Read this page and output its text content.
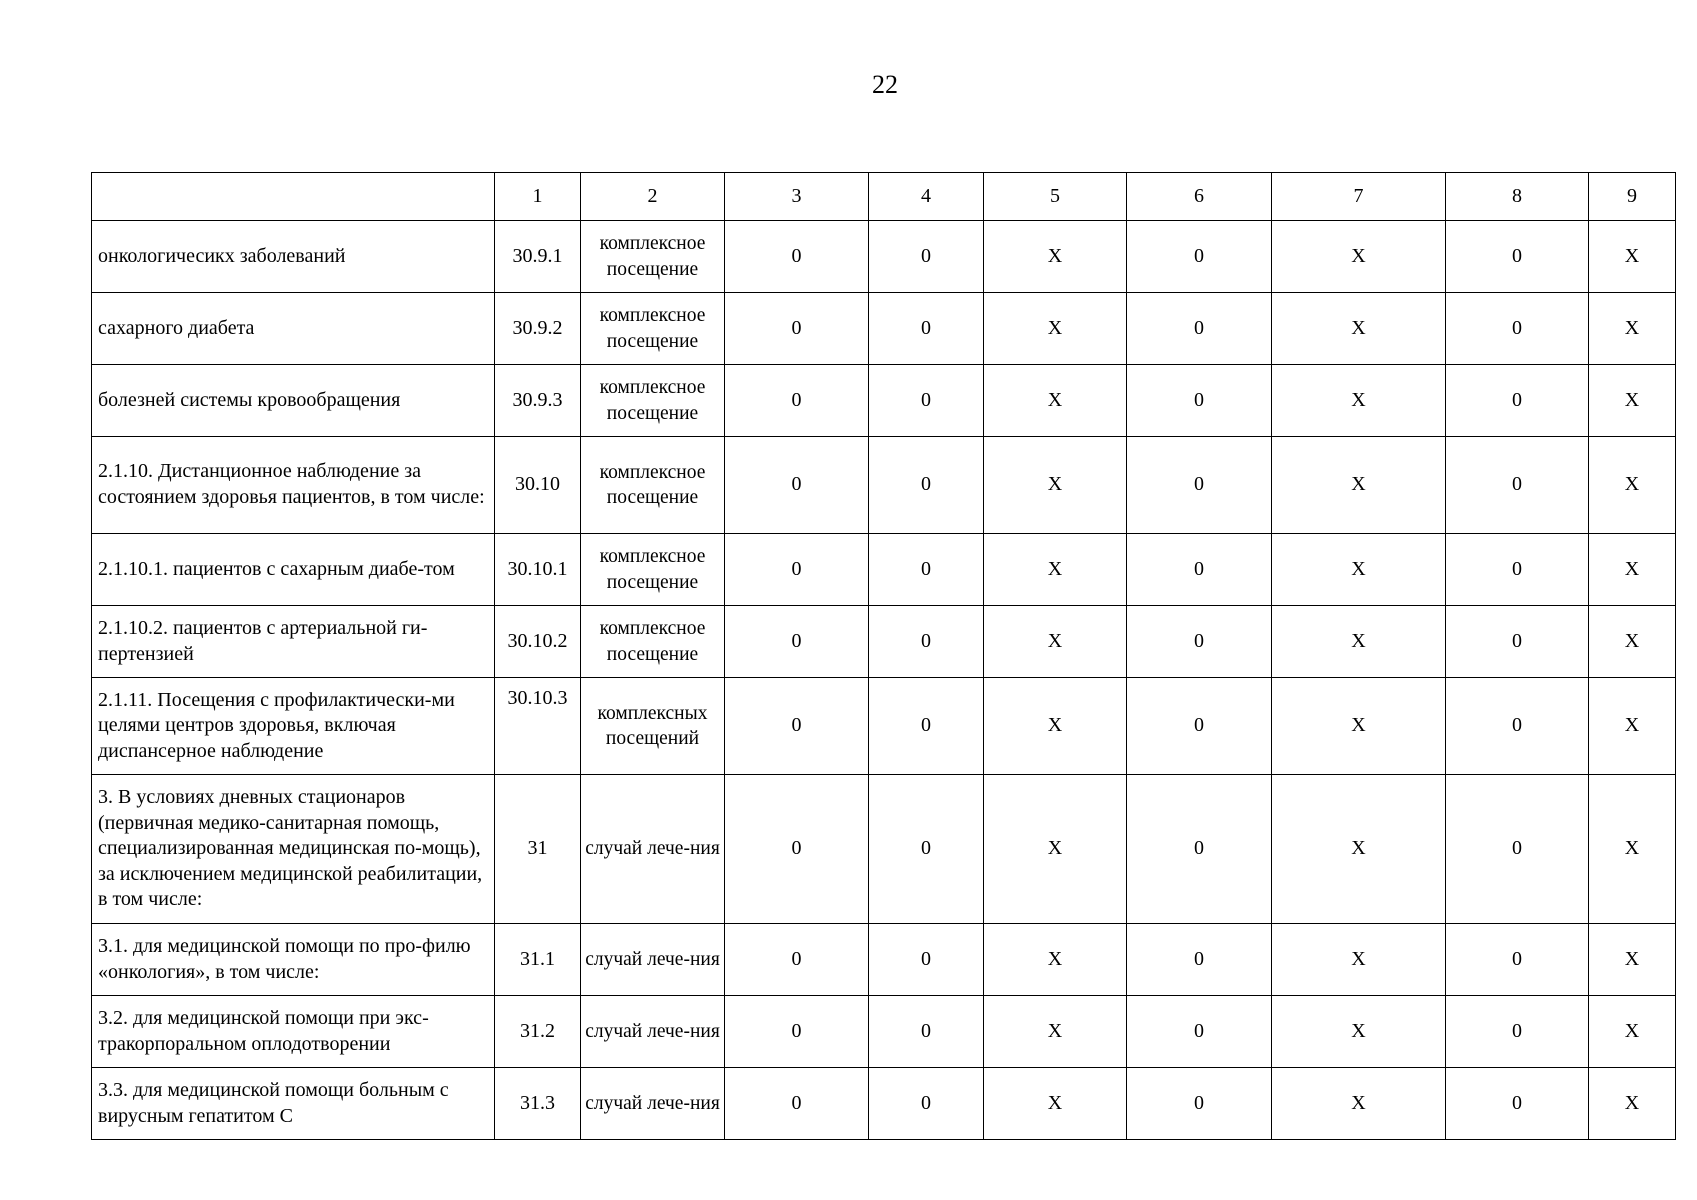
22
	1	2	3	4	5	6	7	8	9
онкологичесикх заболеваний	30.9.1	комплексное посещение	0	0	X	0	X	0	X
сахарного диабета	30.9.2	комплексное посещение	0	0	X	0	X	0	X
болезней системы кровообращения	30.9.3	комплексное посещение	0	0	X	0	X	0	X
2.1.10. Дистанционное наблюдение за состоянием здоровья пациентов, в том числе:	30.10	комплексное посещение	0	0	X	0	X	0	X
2.1.10.1. пациентов с сахарным диабе-том	30.10.1	комплексное посещение	0	0	X	0	X	0	X
2.1.10.2. пациентов с артериальной ги-пертензией	30.10.2	комплексное посещение	0	0	X	0	X	0	X
2.1.11. Посещения с профилактически-ми целями центров здоровья, включая диспансерное наблюдение	30.10.3	комплексных посещений	0	0	X	0	X	0	X
3. В условиях дневных стационаров (первичная медико-санитарная помощь, специализированная медицинская по-мощь), за исключением медицинской реабилитации, в том числе:	31	случай лече-ния	0	0	X	0	X	0	X
3.1. для медицинской помощи по про-филю «онкология», в том числе:	31.1	случай лече-ния	0	0	X	0	X	0	X
3.2. для медицинской помощи при экс-тракорпоральном оплодотворении	31.2	случай лече-ния	0	0	X	0	X	0	X
3.3. для медицинской помощи больным с вирусным гепатитом С	31.3	случай лече-ния	0	0	X	0	X	0	X
